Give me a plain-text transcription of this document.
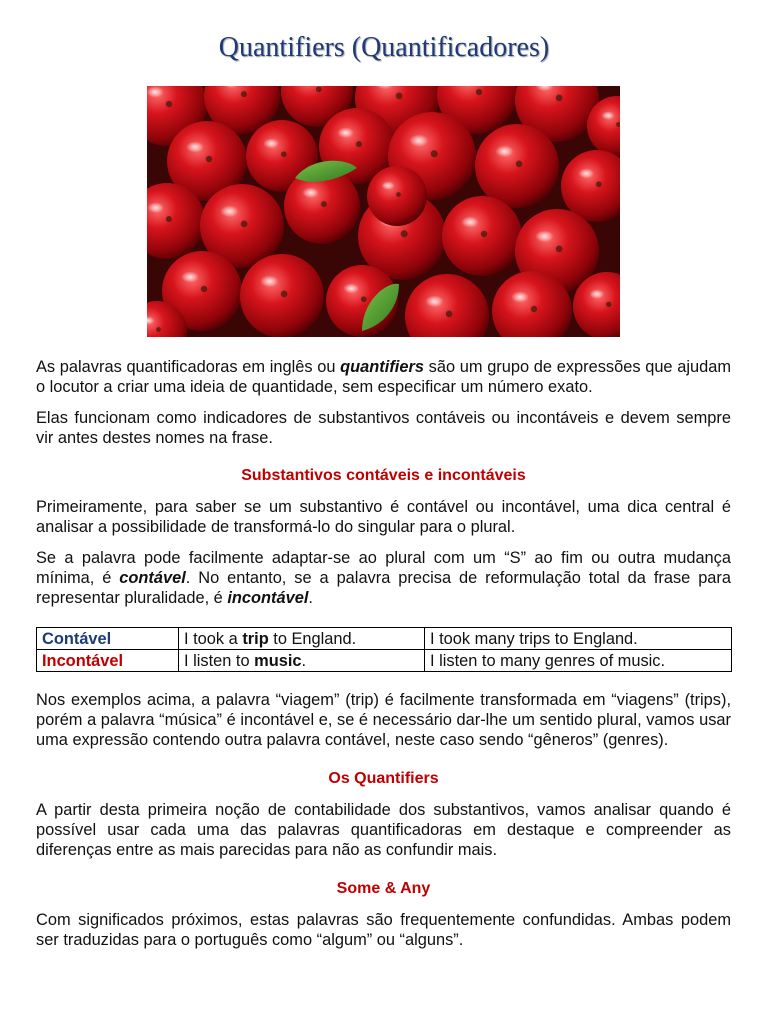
Quantifiers (Quantificadores)

As palavras quantificadoras em inglês ou quantifiers são um grupo de expressões que ajudam o locutor a criar uma ideia de quantidade, sem especificar um número exato.

Elas funcionam como indicadores de substantivos contáveis ou incontáveis e devem sempre vir antes destes nomes na frase.

Substantivos contáveis e incontáveis

Primeiramente, para saber se um substantivo é contável ou incontável, uma dica central é analisar a possibilidade de transformá-lo do singular para o plural.

Se a palavra pode facilmente adaptar-se ao plural com um “S” ao fim ou outra mudança mínima, é contável. No entanto, se a palavra precisa de reformulação total da frase para representar pluralidade, é incontável.

Contável	I took a trip to England.	I took many trips to England.
Incontável	I listen to music.	I listen to many genres of music.

Nos exemplos acima, a palavra “viagem” (trip) é facilmente transformada em “viagens” (trips), porém a palavra “música” é incontável e, se é necessário dar-lhe um sentido plural, vamos usar uma expressão contendo outra palavra contável, neste caso sendo “gêneros” (genres).

Os Quantifiers

A partir desta primeira noção de contabilidade dos substantivos, vamos analisar quando é possível usar cada uma das palavras quantificadoras em destaque e compreender as diferenças entre as mais parecidas para não as confundir mais.

Some & Any

Com significados próximos, estas palavras são frequentemente confundidas. Ambas podem ser traduzidas para o português como “algum” ou “alguns”.
